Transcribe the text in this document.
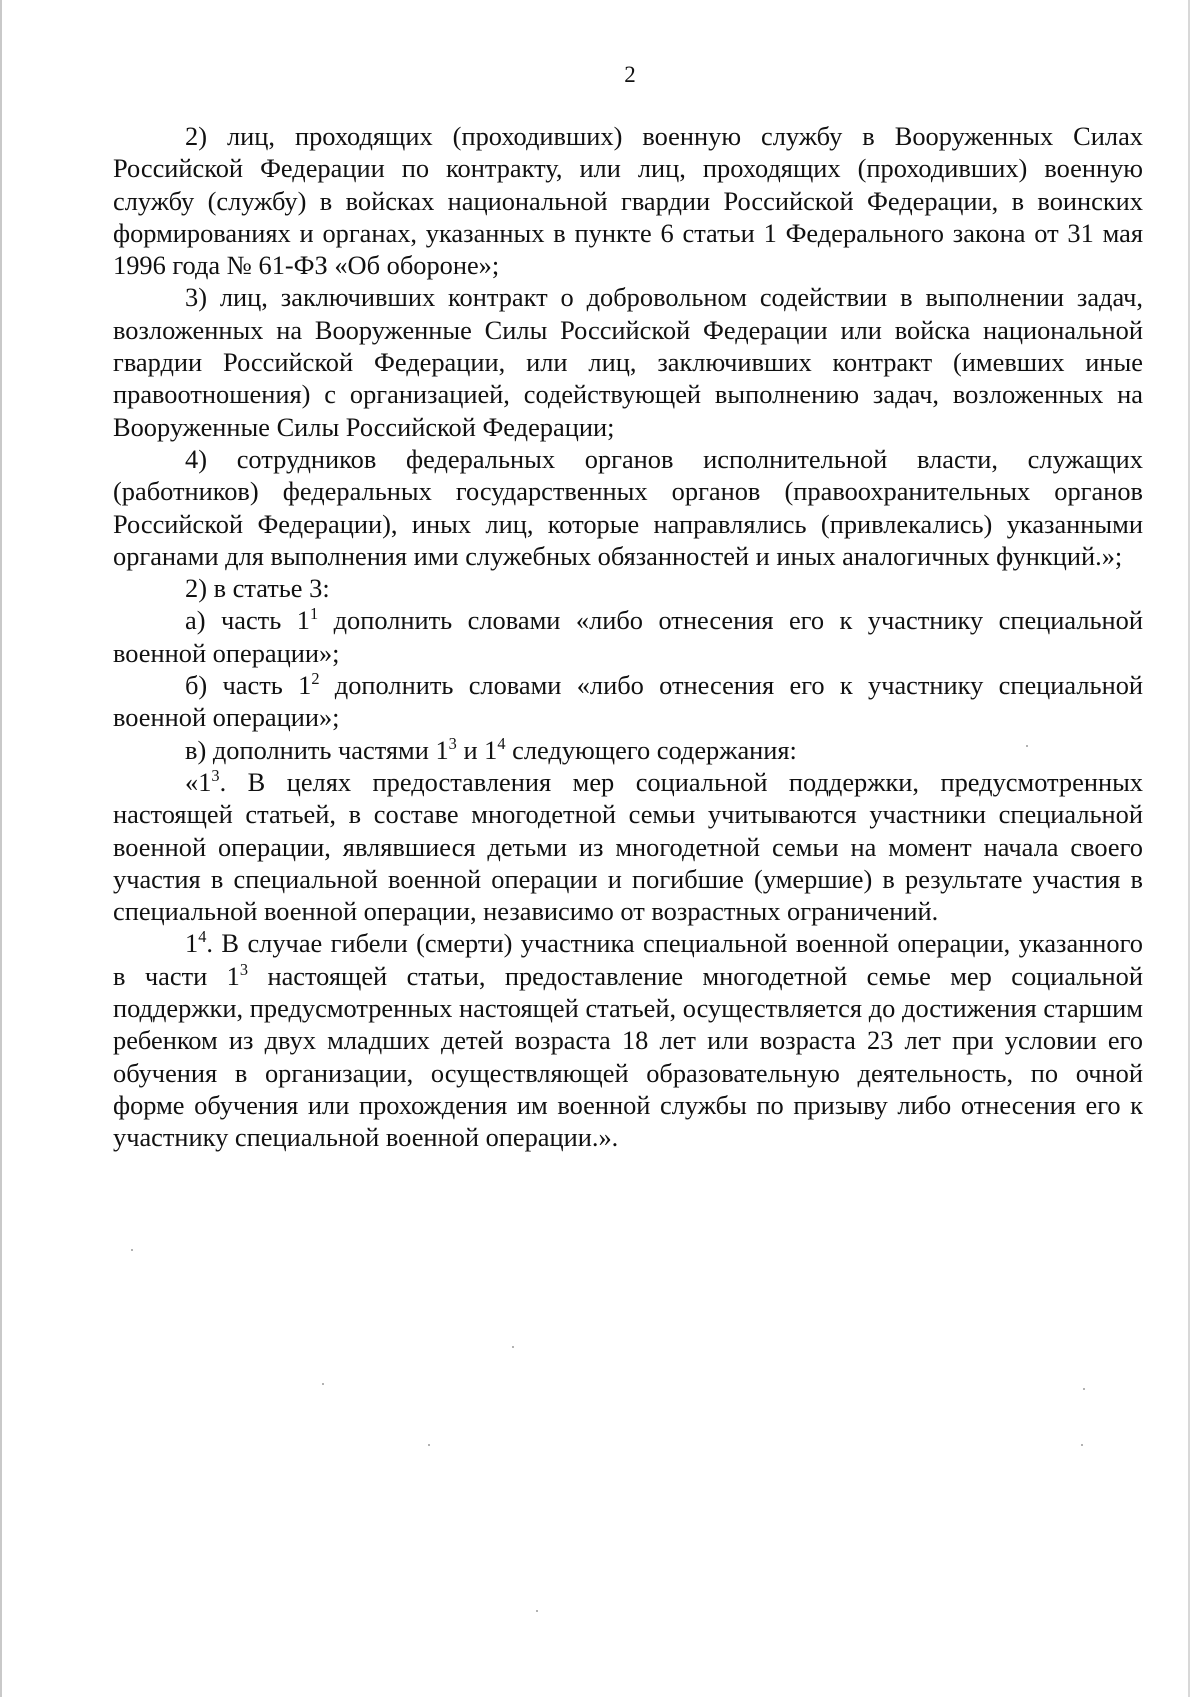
2

2) лиц, проходящих (проходивших) военную службу в Вооруженных Силах Российской Федерации по контракту, или лиц, проходящих (проходивших) военную службу (службу) в войсках национальной гвардии Российской Федерации, в воинских формированиях и органах, указанных в пункте 6 статьи 1 Федерального закона от 31 мая 1996 года № 61-ФЗ «Об обороне»;

3) лиц, заключивших контракт о добровольном содействии в выполнении задач, возложенных на Вооруженные Силы Российской Федерации или войска национальной гвардии Российской Федерации, или лиц, заключивших контракт (имевших иные правоотношения) с организацией, содействующей выполнению задач, возложенных на Вооруженные Силы Российской Федерации;

4) сотрудников федеральных органов исполнительной власти, служащих (работников) федеральных государственных органов (правоохранительных органов Российской Федерации), иных лиц, которые направлялись (привлекались) указанными органами для выполнения ими служебных обязанностей и иных аналогичных функций.»;

2) в статье 3:

а) часть $1^1$ дополнить словами «либо отнесения его к участнику специальной военной операции»;

б) часть $1^2$ дополнить словами «либо отнесения его к участнику специальной военной операции»;

в) дополнить частями $1^3$ и $1^4$ следующего содержания:

«$1^3$. В целях предоставления мер социальной поддержки, предусмотренных настоящей статьей, в составе многодетной семьи учитываются участники специальной военной операции, являвшиеся детьми из многодетной семьи на момент начала своего участия в специальной военной операции и погибшие (умершие) в результате участия в специальной военной операции, независимо от возрастных ограничений.

$1^4$. В случае гибели (смерти) участника специальной военной операции, указанного в части $1^3$ настоящей статьи, предоставление многодетной семье мер социальной поддержки, предусмотренных настоящей статьей, осуществляется до достижения старшим ребенком из двух младших детей возраста 18 лет или возраста 23 лет при условии его обучения в организации, осуществляющей образовательную деятельность, по очной форме обучения или прохождения им военной службы по призыву либо отнесения его к участнику специальной военной операции.».
